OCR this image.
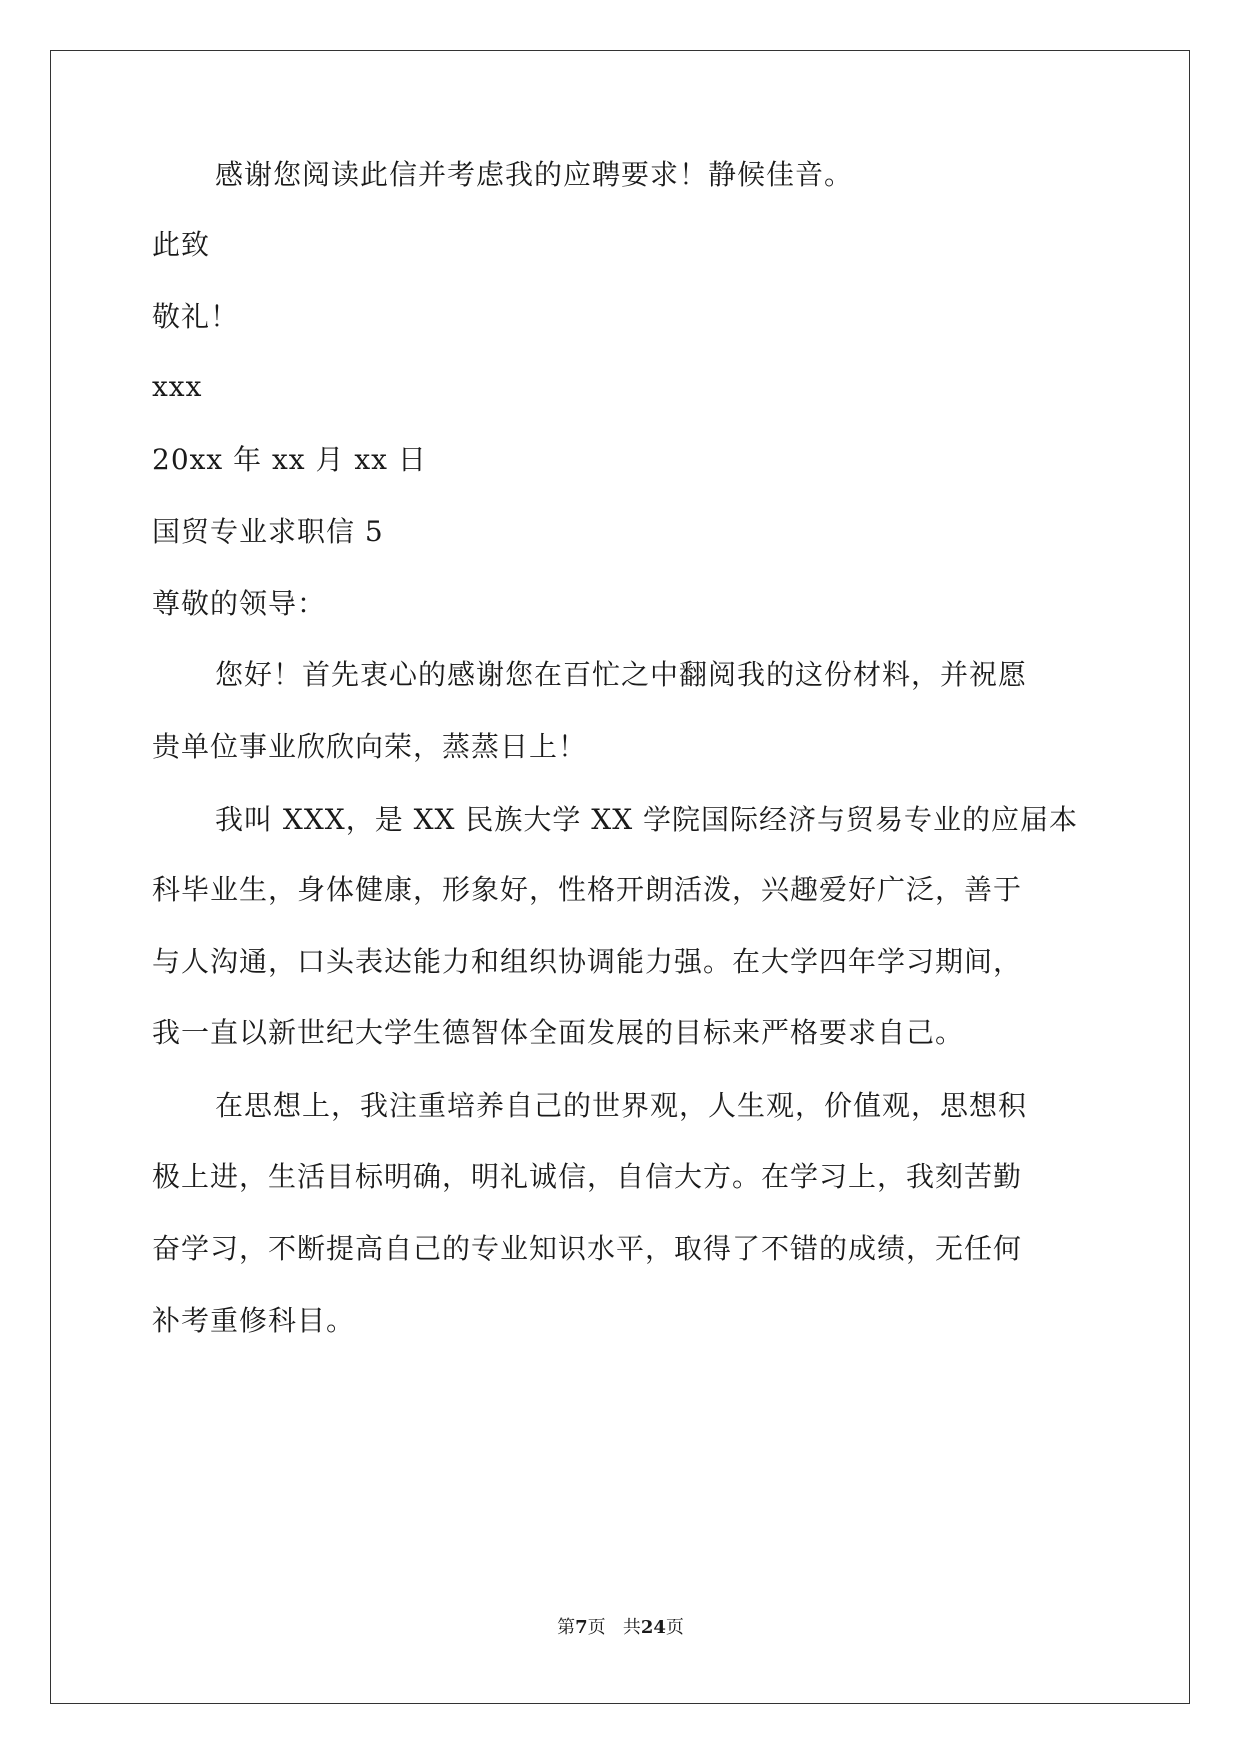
感谢您阅读此信并考虑我的应聘要求！静候佳音。
此致
敬礼！
xxx
20xx 年 xx 月 xx 日
国贸专业求职信 5
尊敬的领导：
您好！首先衷心的感谢您在百忙之中翻阅我的这份材料，并祝愿
贵单位事业欣欣向荣，蒸蒸日上！
我叫 XXX，是 XX 民族大学 XX 学院国际经济与贸易专业的应届本
科毕业生，身体健康，形象好，性格开朗活泼，兴趣爱好广泛，善于
与人沟通，口头表达能力和组织协调能力强。在大学四年学习期间，
我一直以新世纪大学生德智体全面发展的目标来严格要求自己。
在思想上，我注重培养自己的世界观，人生观，价值观，思想积
极上进，生活目标明确，明礼诚信，自信大方。在学习上，我刻苦勤
奋学习，不断提高自己的专业知识水平，取得了不错的成绩，无任何
补考重修科目。
第7页 共24页
